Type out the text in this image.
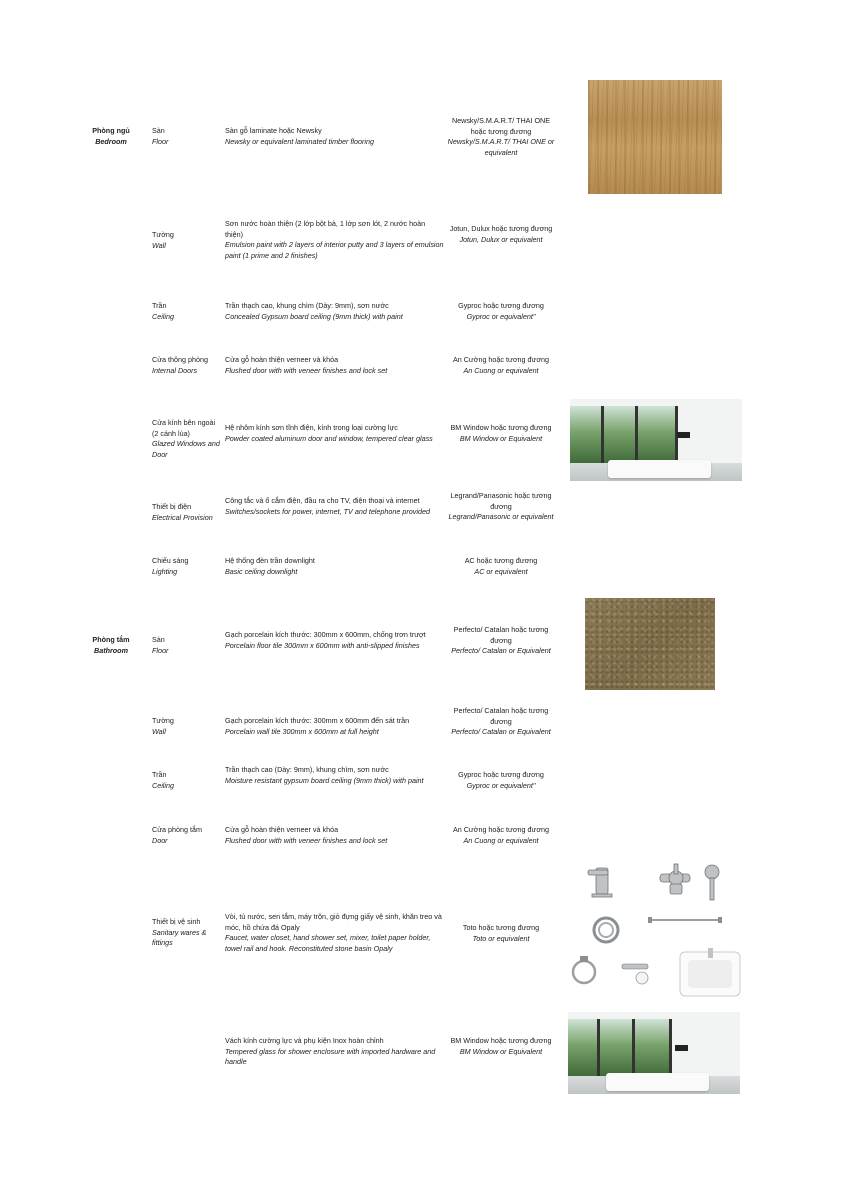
Phòng ngủ
Bedroom
Phòng tắm
Bathroom
Sàn
Floor
Sàn gỗ laminate hoặc Newsky
Newsky or equivalent laminated timber flooring
Newsky/S.M.A.R.T/ THAI ONE hoặc tương đương
Newsky/S.M.A.R.T/ THAI ONE or equivalent
Tường
Wall
Sơn nước hoàn thiện (2 lớp bột bả, 1 lớp sơn lót, 2 nước hoàn thiện)
Emulsion paint with 2 layers of interior putty and 3 layers of emulsion paint (1 prime and 2 finishes)
Jotun, Dulux hoặc tương đương
Jotun, Dulux or equivalent
Trần
Ceiling
Trần thạch cao, khung chìm (Dày: 9mm), sơn nước
Concealed Gypsum board ceiling (9mm thick) with paint
Gyproc hoặc tương đương
Gyproc or equivalent"
Cửa thông phòng
Internal Doors
Cửa gỗ hoàn thiện verneer và khóa
Flushed door with with veneer finishes and lock set
An Cường hoặc tương đương
An Cuong or equivalent
Cửa kính bên ngoài (2 cánh lùa)
Glazed Windows and Door
Hệ nhôm kính sơn tĩnh điện, kính trong loại cường lực
Powder coated aluminum door and window, tempered clear glass
BM Window hoặc tương đương
BM Window or Equivalent
Thiết bị điện
Electrical Provision
Công tắc và ổ cắm điện, đầu ra cho TV, điện thoại và internet
Switches/sockets for power, internet, TV and telephone provided
Legrand/Panasonic hoặc tương đương
Legrand/Panasonic or equivalent
Chiếu sáng
Lighting
Hệ thống đèn trần downlight
Basic ceiling downlight
AC hoặc tương đương
AC or equivalent
Sàn
Floor
Gạch porcelain kích thước: 300mm x 600mm, chống trơn trượt
Porcelain floor tile 300mm x 600mm with anti-slipped finishes
Perfecto/ Catalan hoặc tương đương
Perfecto/ Catalan or Equivalent
Tường
Wall
Gạch porcelain kích thước: 300mm x 600mm đến sát trần
Porcelain wall tile 300mm x 600mm at full height
Perfecto/ Catalan hoặc tương đương
Perfecto/ Catalan or Equivalent
Trần
Ceiling
Trần thạch cao (Dày: 9mm), khung chìm, sơn nước
Moisture resistant gypsum board ceiling (9mm thick) with paint
Gyproc hoặc tương đương
Gyproc or equivalent"
Cửa phòng tắm
Door
Cửa gỗ hoàn thiện verneer và khóa
Flushed door with with veneer finishes and lock set
An Cường hoặc tương đương
An Cuong or equivalent
Thiết bị vệ sinh
Sanitary wares & fittings
Vòi, tủ nước, sen tắm, máy trộn, giỏ đựng giấy vệ sinh, khăn treo và móc, hồ chứa đá Opaly
Faucet, water closet, hand shower set, mixer, toilet paper holder, towel rail and hook. Reconstituted stone basin Opaly
Toto hoặc tương đương
Toto or equivalent
Vách kính cường lực và phụ kiện Inox hoàn chỉnh
Tempered glass for shower enclosure with imported hardware and handle
BM Window hoặc tương đương
BM Window or Equivalent
